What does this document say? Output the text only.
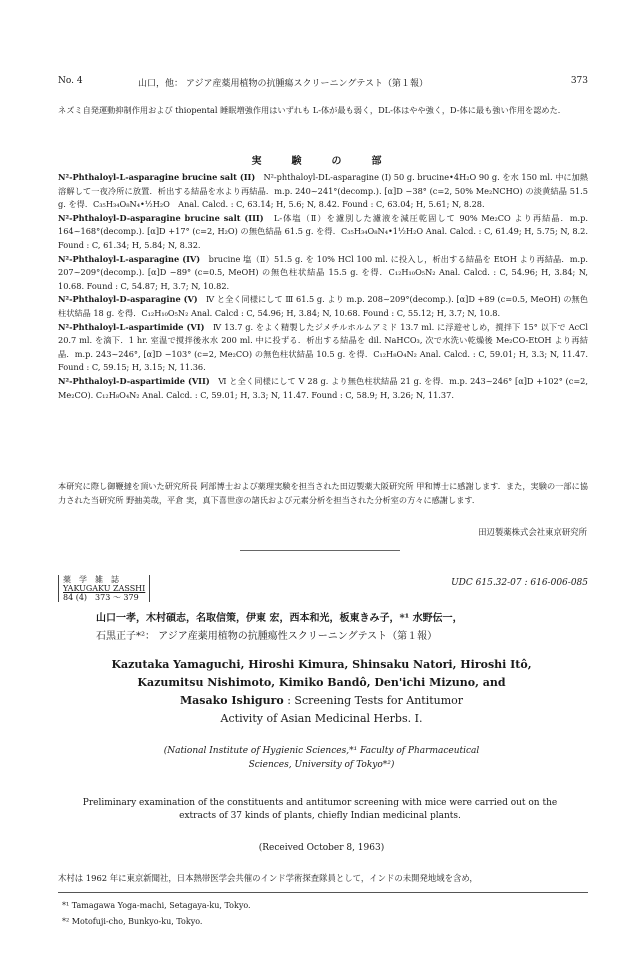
No. 4	山口，他： アジア産薬用植物の抗腫瘍スクリーニングテスト（第１報）	373
ネズミ自発運動抑制作用および thiopental 睡眠増強作用はいずれも L-体が最も弱く，DL-体はやや強く，D-体に最も強い作用を認めた．
実　験　の　部
N²-Phthaloyl-L-asparagine brucine salt (II)　 N²-phthaloyl-DL-asparagine (Ⅰ) 50 g. brucine•4H₂O 90 g. を水 150 ml. 中に加熱溶解して一夜冷所に放置．析出する結晶を水より再結晶．m.p. 240~241°(decomp.). [α]D −38° (c=2, 50% Me₂NCHO) の淡黄結晶 51.5 g. を得．C₃₅H₃₄O₈N₄•½H₂O　Anal. Calcd. : C, 63.14; H, 5.6; N, 8.42. Found : C, 63.04; H, 5.61; N, 8.28.
N²-Phthaloyl-D-asparagine brucine salt (III)　 L-体塩（Ⅱ）を濾別した濾液を減圧乾固して 90% Me₂CO より再結晶．m.p. 164~168°(decomp.). [α]D +17° (c=2, H₂O) の無色結晶 61.5 g. を得．C₃₅H₃₄O₈N₄•1½H₂O Anal. Calcd. : C, 61.49; H, 5.75; N, 8.2. Found : C, 61.34; H, 5.84; N, 8.32.
N²-Phthaloyl-L-asparagine (IV)　 brucine 塩（Ⅱ）51.5 g. を 10% HCl 100 ml. に投入し，析出する結晶を EtOH より再結晶．m.p. 207~209°(decomp.). [α]D −89° (c=0.5, MeOH) の無色柱状結晶 15.5 g. を得．C₁₂H₁₀O₅N₂ Anal. Calcd. : C, 54.96; H, 3.84; N, 10.68. Found : C, 54.87; H, 3.7; N, 10.82.
N²-Phthaloyl-D-asparagine (V)　 Ⅳ と全く同様にして Ⅲ 61.5 g. より m.p. 208~209°(decomp.). [α]D +89 (c=0.5, MeOH) の無色柱状結晶 18 g. を得．C₁₂H₁₀O₅N₂ Anal. Calcd : C, 54.96; H, 3.84; N, 10.68. Found : C, 55.12; H, 3.7; N, 10.8.
N²-Phthaloyl-L-aspartimide (VI)　 Ⅳ 13.7 g. をよく精製したジメチルホルムアミド 13.7 ml. に浮遊せしめ，撹拌下 15° 以下で AcCl 20.7 ml. を滴下．1 hr. 室温で撹拌後氷水 200 ml. 中に投ずる．析出する結晶を dil. NaHCO₃, 次で水洗い乾燥後 Me₂CO-EtOH より再結晶．m.p. 243~246°, [α]D −103° (c=2, Me₂CO) の無色柱状結晶 10.5 g. を得．C₁₂H₈O₄N₂ Anal. Calcd. : C, 59.01; H, 3.3; N, 11.47. Found : C, 59.15; H, 3.15; N, 11.36.
N²-Phthaloyl-D-aspartimide (VII)　 Ⅵ と全く同様にして Ⅴ 28 g. より無色柱状結晶 21 g. を得．m.p. 243~246° [α]D +102° (c=2, Me₂CO). C₁₂H₈O₄N₂ Anal. Calcd. : C, 59.01; H, 3.3; N, 11.47. Found : C, 58.9; H, 3.26; N, 11.37.
本研究に際し御鞭撻を頂いた研究所長 阿部博士および薬理実験を担当された田辺製薬大阪研究所 甲和博士に感謝します．また，実験の一部に協力された当研究所 野抽美哉，平倉 実，真下喜世彦の諸氏および元素分析を担当された分析室の方々に感謝します．
田辺製薬株式会社東京研究所
薬　学　雑　誌
YAKUGAKU ZASSHI
84 (4)　373 ～ 379
UDC 615.32-07 : 616-006-085
山口一孝，木村碩志，名取信策，伊東 宏，西本和光，板東きみ子，*¹ 水野伝一，
石黒正子*²： アジア産薬用植物の抗腫瘍性スクリーニングテスト（第１報）
Kazutaka Yamaguchi, Hiroshi Kimura, Shinsaku Natori, Hiroshi Itô,
Kazumitsu Nishimoto, Kimiko Bandô, Den'ichi Mizuno, and
Masako Ishiguro : Screening Tests for Antitumor
Activity of Asian Medicinal Herbs. I.
(National Institute of Hygienic Sciences,*¹ Faculty of Pharmaceutical
Sciences, University of Tokyo*²)
Preliminary examination of the constituents and antitumor screening with mice were carried out on the extracts of 37 kinds of plants, chiefly Indian medicinal plants.
(Received October 8, 1963)
木村は 1962 年に東京新聞社，日本熱帯医学会共催のインド学術探査隊員として，インドの未開発地域を含め，
*¹ Tamagawa Yoga-machi, Setagaya-ku, Tokyo.
*² Motofuji-cho, Bunkyo-ku, Tokyo.
